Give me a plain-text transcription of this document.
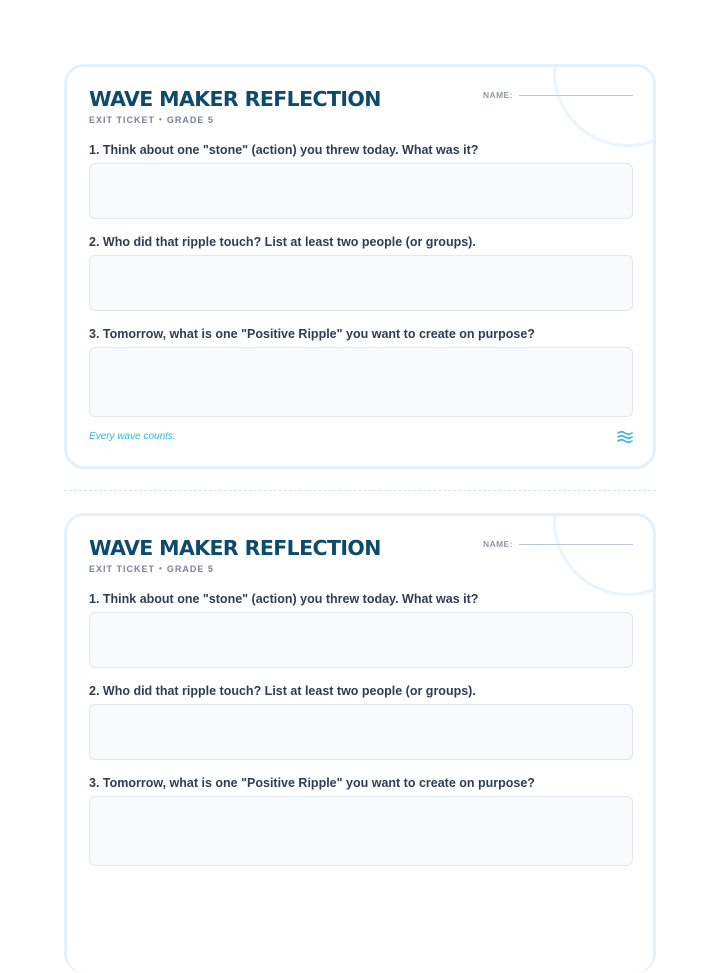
WAVE MAKER REFLECTION
EXIT TICKET • GRADE 5
NAME:
1. Think about one "stone" (action) you threw today. What was it?
2. Who did that ripple touch? List at least two people (or groups).
3. Tomorrow, what is one "Positive Ripple" you want to create on purpose?
Every wave counts.
WAVE MAKER REFLECTION
EXIT TICKET • GRADE 5
NAME:
1. Think about one "stone" (action) you threw today. What was it?
2. Who did that ripple touch? List at least two people (or groups).
3. Tomorrow, what is one "Positive Ripple" you want to create on purpose?
